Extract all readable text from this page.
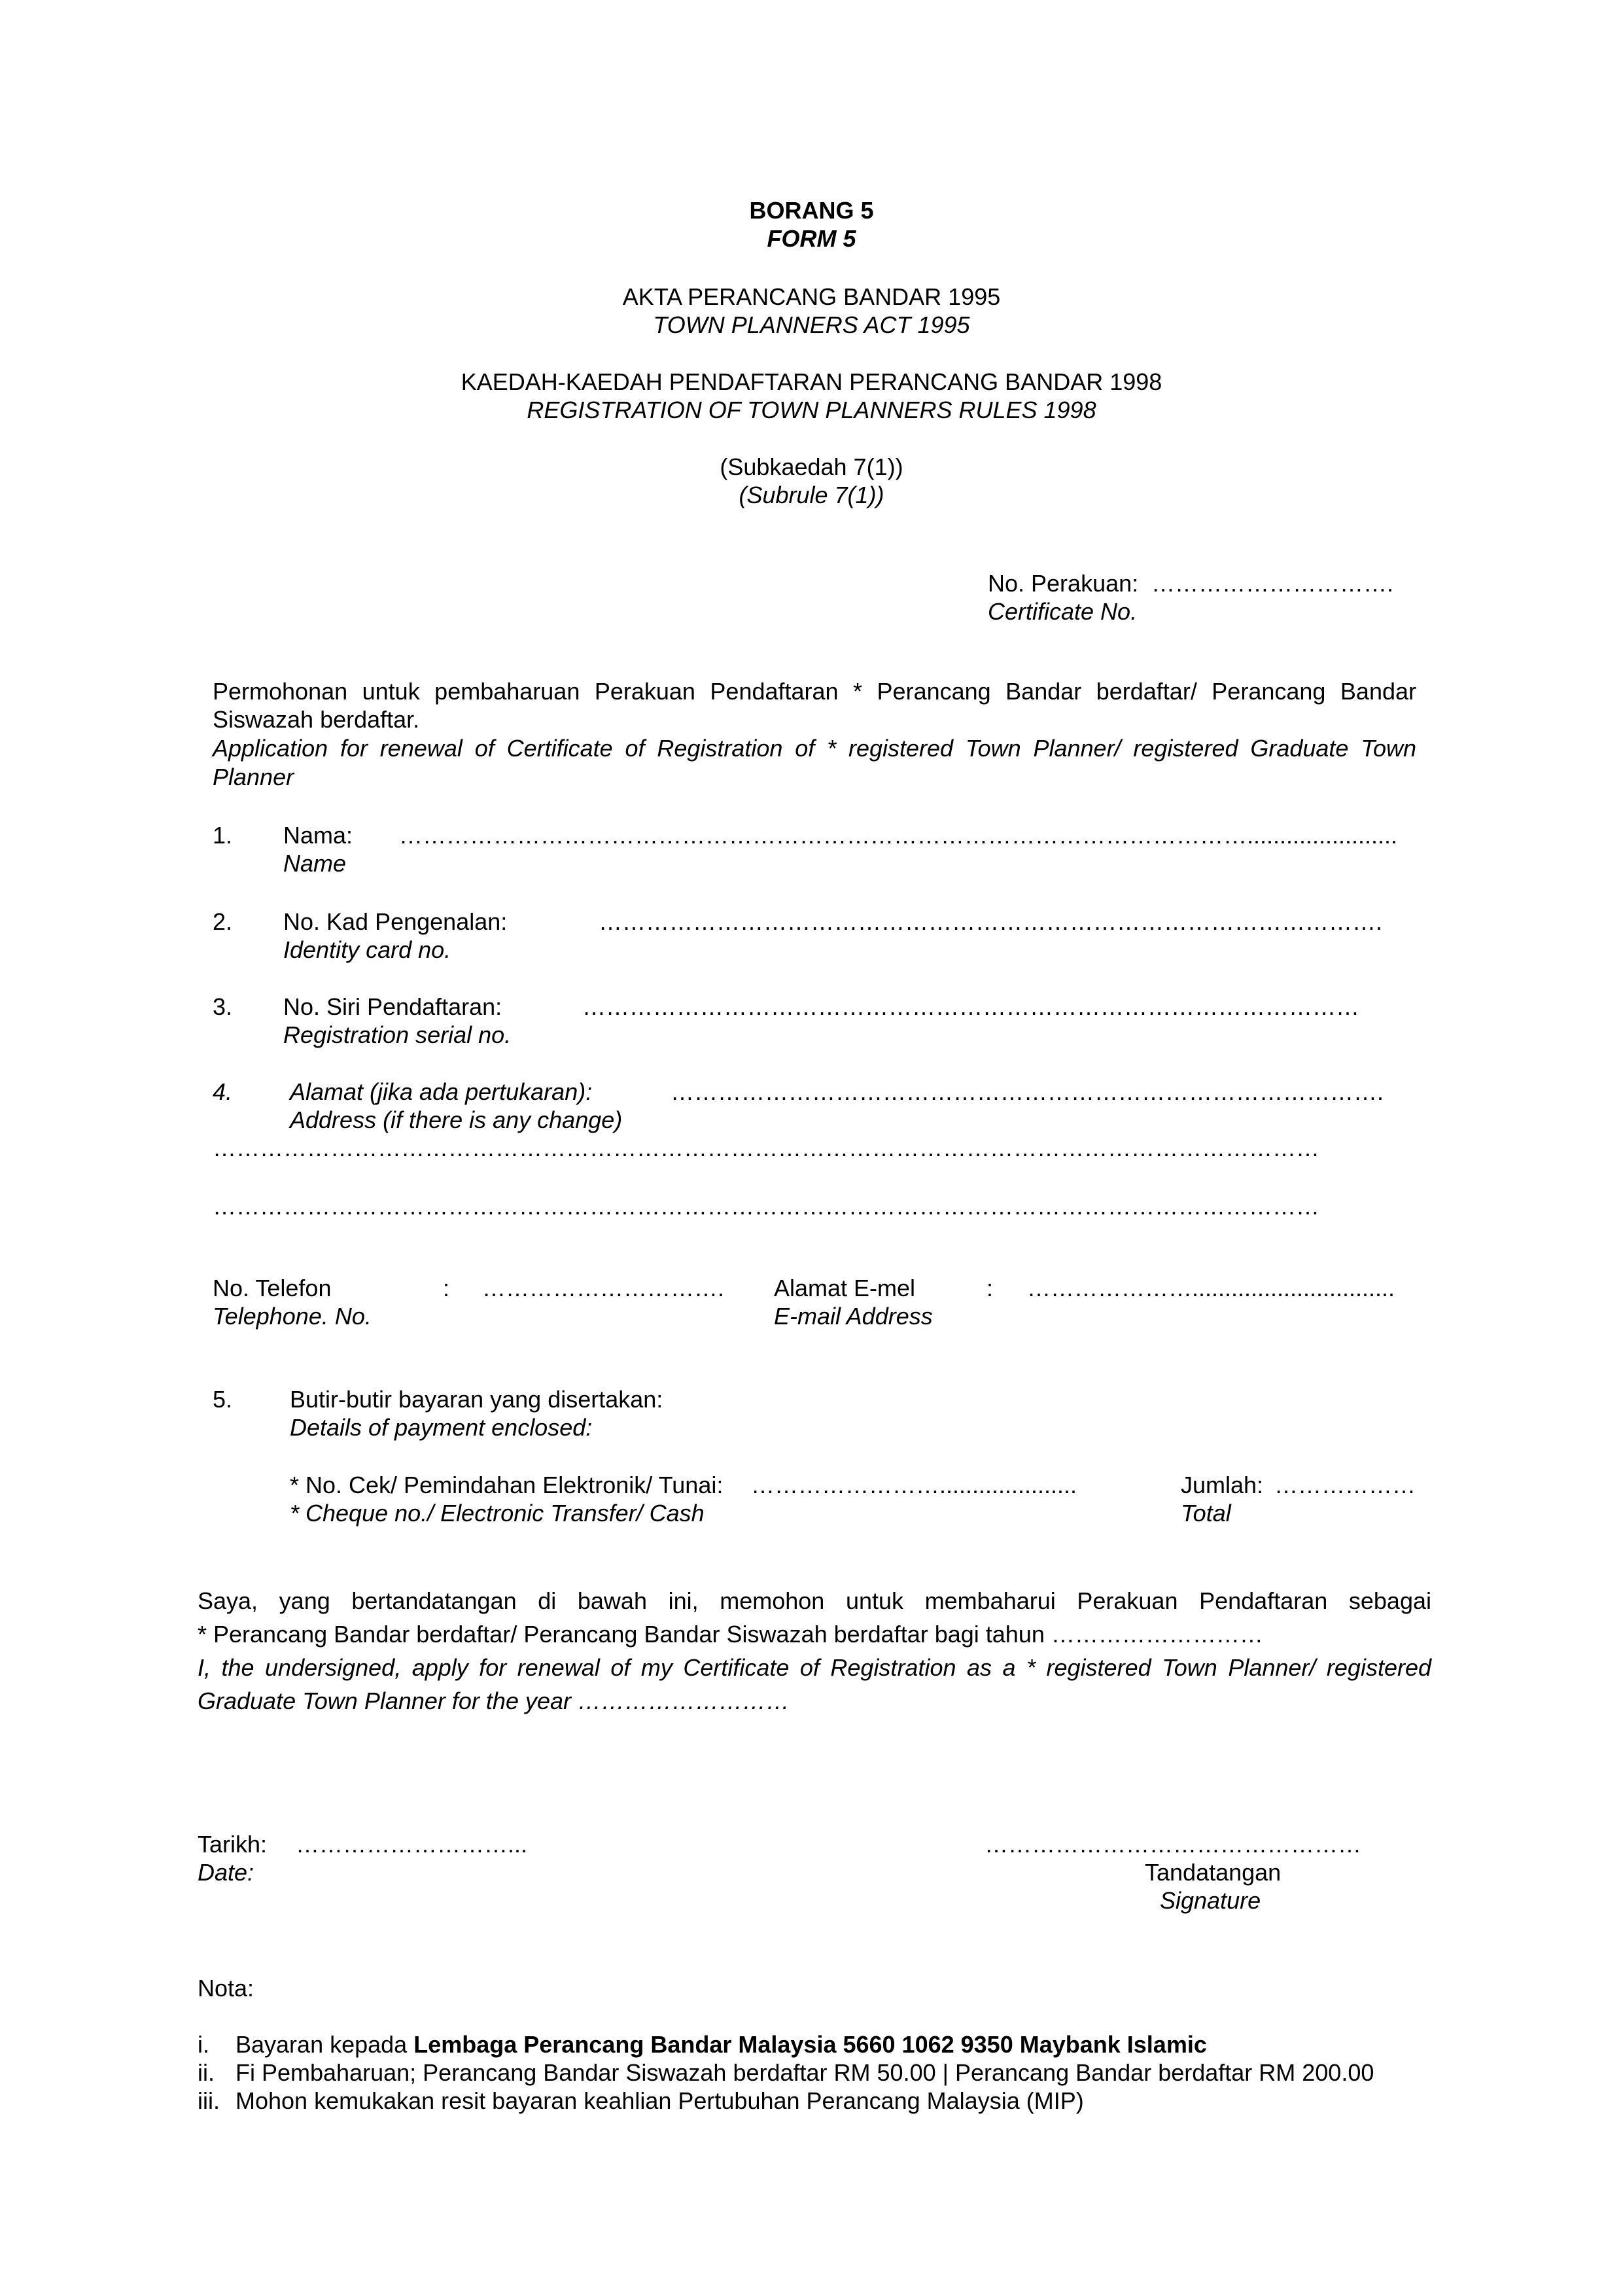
BORANG 5
FORM 5
AKTA PERANCANG BANDAR 1995
TOWN PLANNERS ACT 1995
KAEDAH-KAEDAH PENDAFTARAN PERANCANG BANDAR 1998
REGISTRATION OF TOWN PLANNERS RULES 1998
(Subkaedah 7(1))
(Subrule 7(1))
No. Perakuan: ………………………….
Certificate No.
Permohonan untuk pembaharuan Perakuan Pendaftaran * Perancang Bandar berdaftar/ Perancang Bandar
Siswazah berdaftar.
Application for renewal of Certificate of Registration of * registered Town Planner/ registered Graduate Town
Planner
1. Nama: ……………………………………………………………………………………………….......................
Name
2. No. Kad Pengenalan:	……………………………………………………………………………………….
Identity card no.
3. No. Siri Pendaftaran:	………………………………………………………………………………………
Registration serial no.
4. Alamat (jika ada pertukaran):	……………………………………………………………………………….
Address (if there is any change)
……………………………………………………………………………………………………………………………
……………………………………………………………………………………………………………………………
No. Telefon	: ………………………….
Telephone. No.
Alamat E-mel	: …………………...............................
E-mail Address
5. Butir-butir bayaran yang disertakan:
Details of payment enclosed:
* No. Cek/ Pemindahan Elektronik/ Tunai: …………………….....................
* Cheque no./ Electronic Transfer/ Cash
Jumlah: ………………
Total
Saya, yang bertandatangan di bawah ini, memohon untuk membaharui Perakuan Pendaftaran sebagai
* Perancang Bandar berdaftar/ Perancang Bandar Siswazah berdaftar bagi tahun ………………………
I, the undersigned, apply for renewal of my Certificate of Registration as a * registered Town Planner/ registered
Graduate Town Planner for the year ………………………
Tarikh: ………………………...
Date:
…………………………………………
Tandatangan
Signature
Nota:
i. Bayaran kepada Lembaga Perancang Bandar Malaysia 5660 1062 9350 Maybank Islamic
ii. Fi Pembaharuan; Perancang Bandar Siswazah berdaftar RM 50.00 | Perancang Bandar berdaftar RM 200.00
iii. Mohon kemukakan resit bayaran keahlian Pertubuhan Perancang Malaysia (MIP)
